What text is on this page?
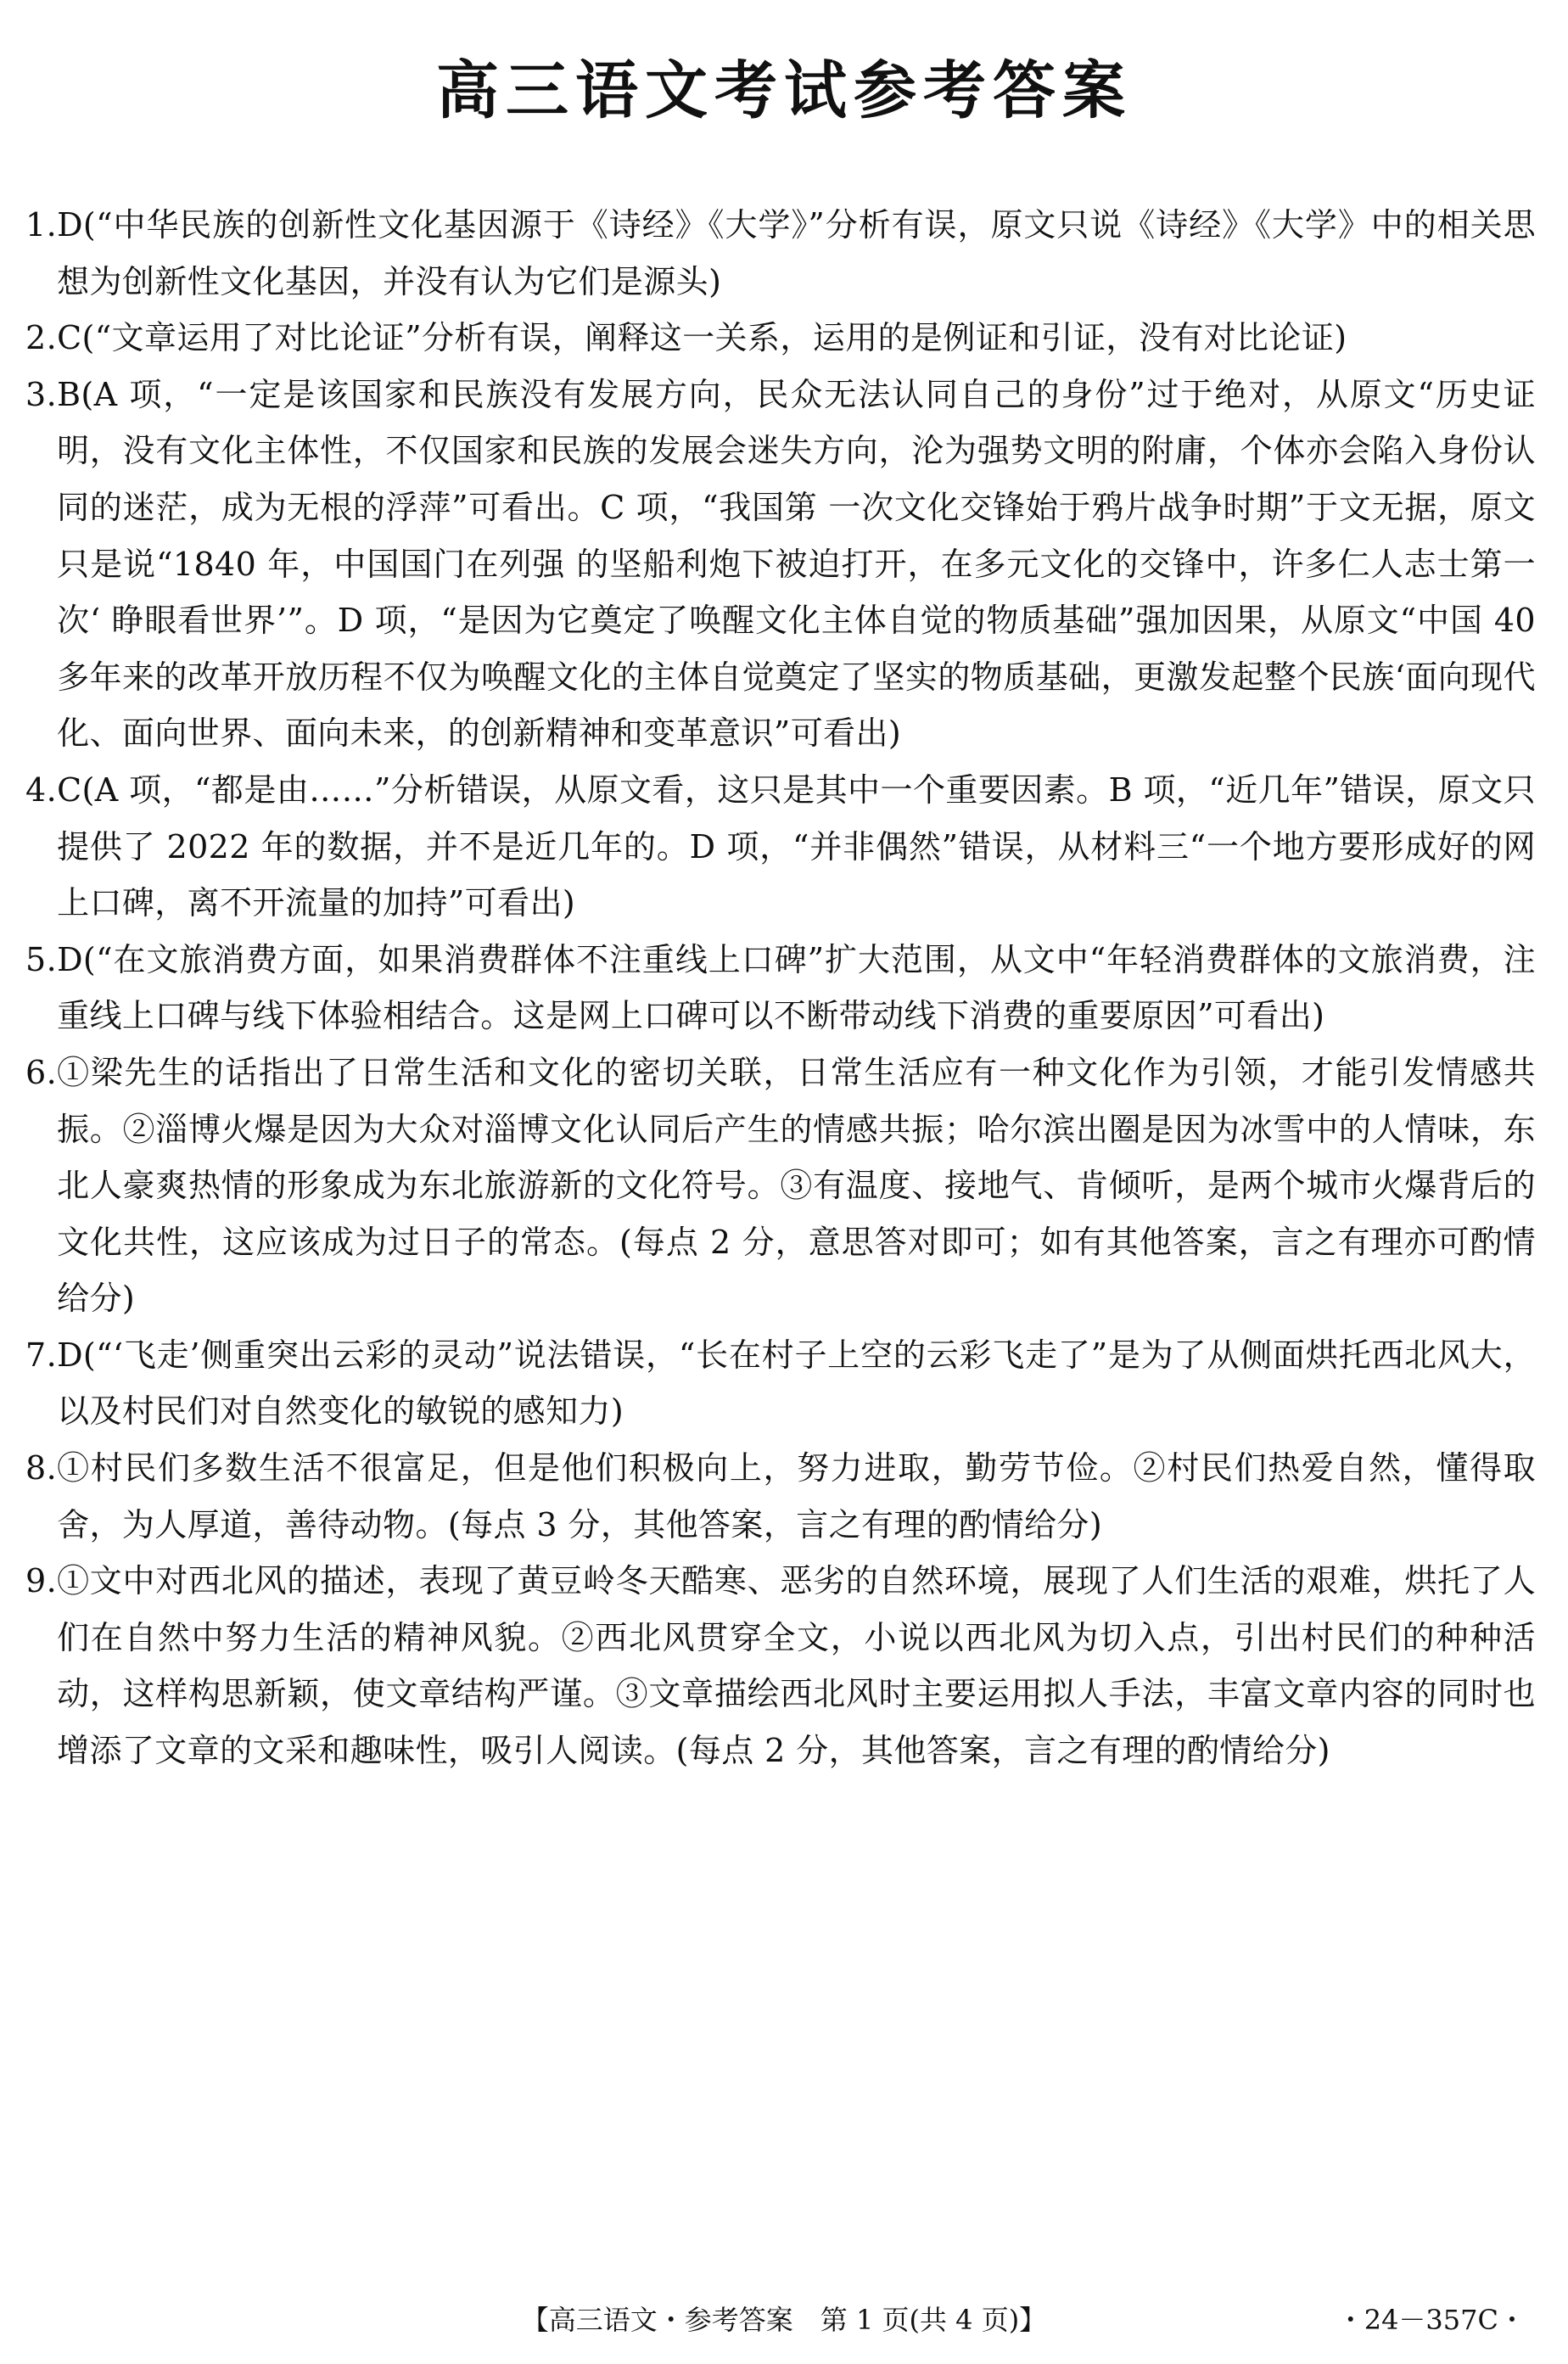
高三语文考试参考答案
1. D(“中华民族的创新性文化基因源于《诗经》《大学》”分析有误，原文只说《诗经》《大学》中的相关思想为创新性文化基因，并没有认为它们是源头)
2. C(“文章运用了对比论证”分析有误，阐释这一关系，运用的是例证和引证，没有对比论证)
3. B(A 项，“一定是该国家和民族没有发展方向，民众无法认同自己的身份”过于绝对，从原文“历史证明，没有文化主体性，不仅国家和民族的发展会迷失方向，沦为强势文明的附庸，个体亦会陷入身份认同的迷茫，成为无根的浮萍”可看出。C 项，“我国第 一次文化交锋始于鸦片战争时期”于文无据，原文只是说“1840 年，中国国门在列强 的坚船利炮下被迫打开，在多元文化的交锋中，许多仁人志士第一次‘ 睁眼看世界’”。D 项，“是因为它奠定了唤醒文化主体自觉的物质基础”强加因果，从原文“中国 40 多年来的改革开放历程不仅为唤醒文化的主体自觉奠定了坚实的物质基础，更激发起整个民族‘面向现代化、面向世界、面向未来，的创新精神和变革意识”可看出)
4. C(A 项，“都是由……”分析错误，从原文看，这只是其中一个重要因素。B 项，“近几年”错误，原文只提供了 2022 年的数据，并不是近几年的。D 项，“并非偶然”错误，从材料三“一个地方要形成好的网上口碑，离不开流量的加持”可看出)
5. D(“在文旅消费方面，如果消费群体不注重线上口碑”扩大范围，从文中“年轻消费群体的文旅消费，注重线上口碑与线下体验相结合。这是网上口碑可以不断带动线下消费的重要原因”可看出)
6. ①梁先生的话指出了日常生活和文化的密切关联，日常生活应有一种文化作为引领，才能引发情感共振。②淄博火爆是因为大众对淄博文化认同后产生的情感共振；哈尔滨出圈是因为冰雪中的人情味，东北人豪爽热情的形象成为东北旅游新的文化符号。③有温度、接地气、肯倾听，是两个城市火爆背后的文化共性，这应该成为过日子的常态。(每点 2 分，意思答对即可；如有其他答案，言之有理亦可酌情给分)
7. D(“‘飞走’侧重突出云彩的灵动”说法错误，“长在村子上空的云彩飞走了”是为了从侧面烘托西北风大，以及村民们对自然变化的敏锐的感知力)
8. ①村民们多数生活不很富足，但是他们积极向上，努力进取，勤劳节俭。②村民们热爱自然，懂得取舍，为人厚道，善待动物。(每点 3 分，其他答案，言之有理的酌情给分)
9. ①文中对西北风的描述，表现了黄豆岭冬天酷寒、恶劣的自然环境，展现了人们生活的艰难，烘托了人们在自然中努力生活的精神风貌。②西北风贯穿全文，小说以西北风为切入点，引出村民们的种种活动，这样构思新颖，使文章结构严谨。③文章描绘西北风时主要运用拟人手法，丰富文章内容的同时也增添了文章的文采和趣味性，吸引人阅读。(每点 2 分，其他答案，言之有理的酌情给分)
【高三语文・参考答案　第 1 页(共 4 页)】	・24－357C・
